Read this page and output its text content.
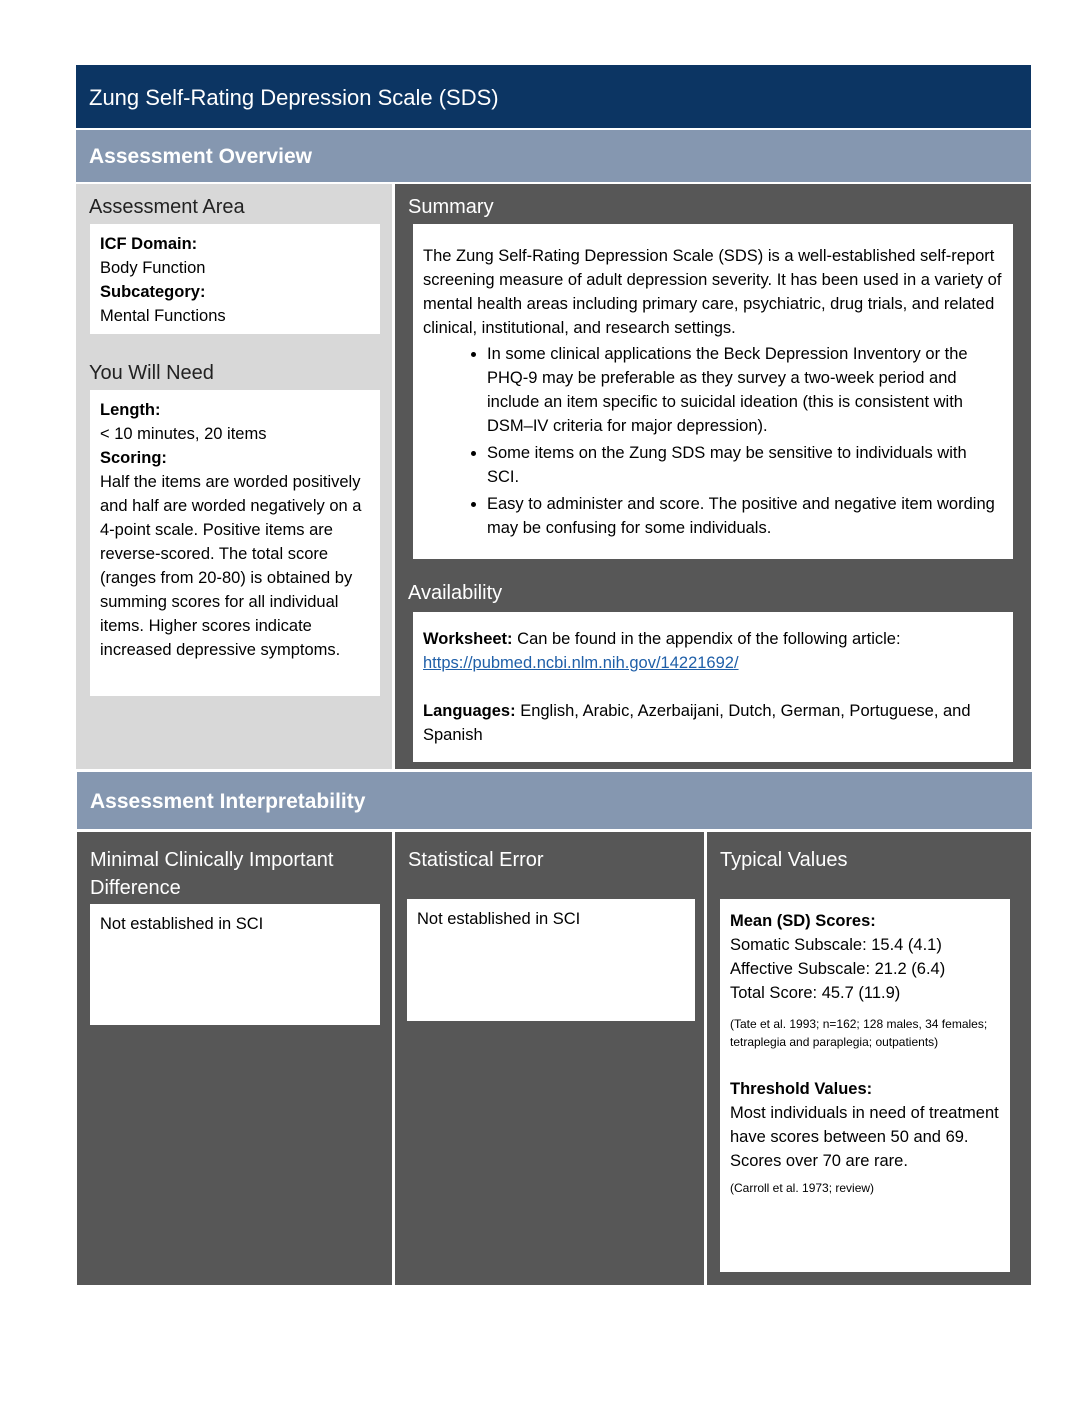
Zung Self-Rating Depression Scale (SDS)
Assessment Overview
Assessment Area
ICF Domain:
Body Function
Subcategory:
Mental Functions
You Will Need
Length:
< 10 minutes, 20 items
Scoring:
Half the items are worded positively and half are worded negatively on a 4-point scale. Positive items are reverse-scored. The total score (ranges from 20-80) is obtained by summing scores for all individual items. Higher scores indicate increased depressive symptoms.
Summary

The Zung Self-Rating Depression Scale (SDS) is a well-established self-report screening measure of adult depression severity. It has been used in a variety of mental health areas including primary care, psychiatric, drug trials, and related clinical, institutional, and research settings.

• In some clinical applications the Beck Depression Inventory or the PHQ-9 may be preferable as they survey a two-week period and include an item specific to suicidal ideation (this is consistent with DSM–IV criteria for major depression).
• Some items on the Zung SDS may be sensitive to individuals with SCI.
• Easy to administer and score. The positive and negative item wording may be confusing for some individuals.
Availability

Worksheet: Can be found in the appendix of the following article:

https://pubmed.ncbi.nlm.nih.gov/14221692/

Languages: English, Arabic, Azerbaijani, Dutch, German, Portuguese, and Spanish

Assessment Interpretability
Minimal Clinically Important Difference
Not established in SCI
Statistical Error
Not established in SCI
Typical Values
Mean (SD) Scores:
Somatic Subscale: 15.4 (4.1)
Affective Subscale: 21.2 (6.4)
Total Score: 45.7 (11.9)
(Tate et al. 1993; n=162; 128 males, 34 females; tetraplegia and paraplegia; outpatients)
Threshold Values:
Most individuals in need of treatment have scores between 50 and 69. Scores over 70 are rare.
(Carroll et al. 1973; review)
